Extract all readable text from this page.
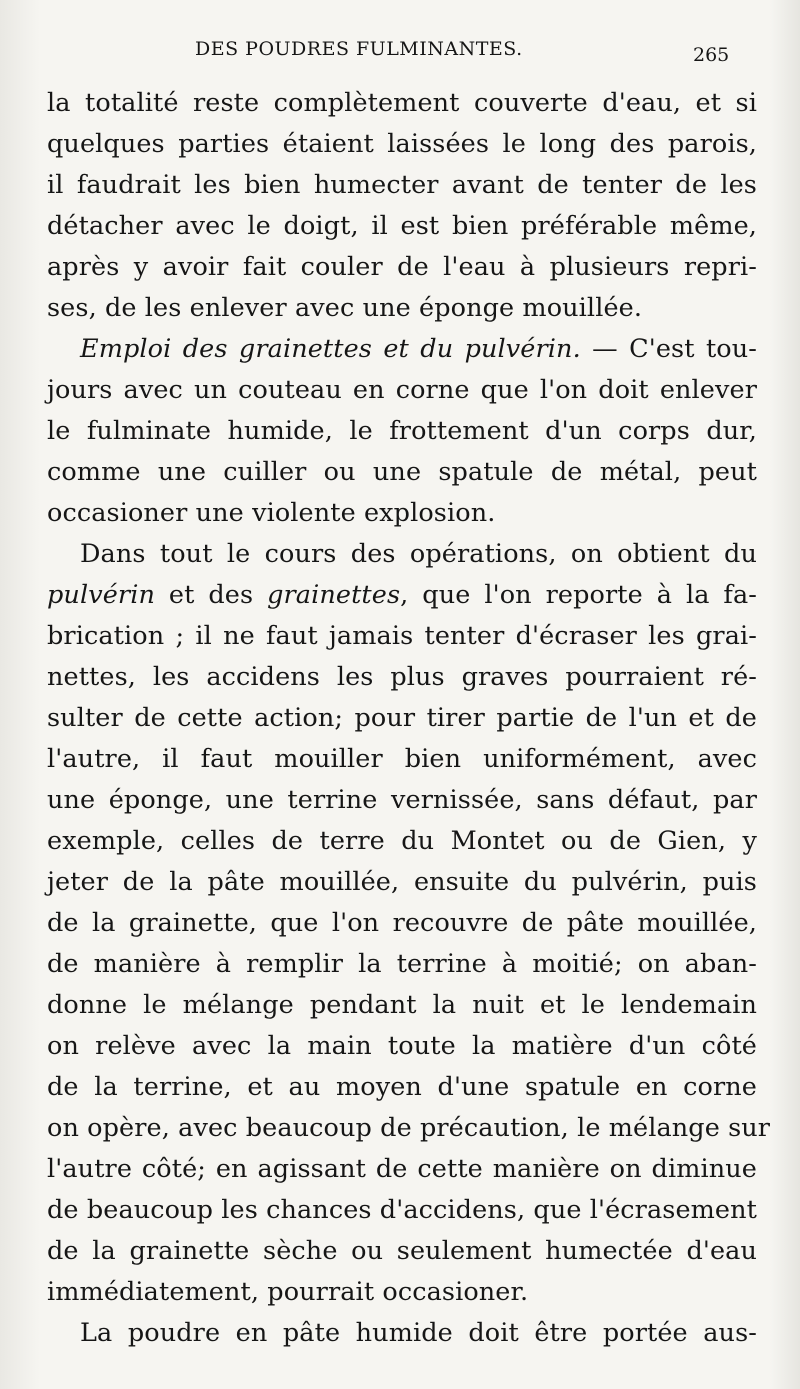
DES POUDRES FULMINANTES.	265
la totalité reste complètement couverte d'eau, et si
quelques parties étaient laissées le long des parois,
il faudrait les bien humecter avant de tenter de les
détacher avec le doigt, il est bien préférable même,
après y avoir fait couler de l'eau à plusieurs repri-
ses, de les enlever avec une éponge mouillée.
Emploi des grainettes et du pulvérin. — C'est tou-
jours avec un couteau en corne que l'on doit enlever
le fulminate humide, le frottement d'un corps dur,
comme une cuiller ou une spatule de métal, peut
occasioner une violente explosion.
Dans tout le cours des opérations, on obtient du
pulvérin et des grainettes, que l'on reporte à la fa-
brication ; il ne faut jamais tenter d'écraser les grai-
nettes, les accidens les plus graves pourraient ré-
sulter de cette action; pour tirer partie de l'un et de
l'autre, il faut mouiller bien uniformément, avec
une éponge, une terrine vernissée, sans défaut, par
exemple, celles de terre du Montet ou de Gien, y
jeter de la pâte mouillée, ensuite du pulvérin, puis
de la grainette, que l'on recouvre de pâte mouillée,
de manière à remplir la terrine à moitié; on aban-
donne le mélange pendant la nuit et le lendemain
on relève avec la main toute la matière d'un côté
de la terrine, et au moyen d'une spatule en corne
on opère, avec beaucoup de précaution, le mélange sur
l'autre côté; en agissant de cette manière on diminue
de beaucoup les chances d'accidens, que l'écrasement
de la grainette sèche ou seulement humectée d'eau
immédiatement, pourrait occasioner.
La poudre en pâte humide doit être portée aus-
